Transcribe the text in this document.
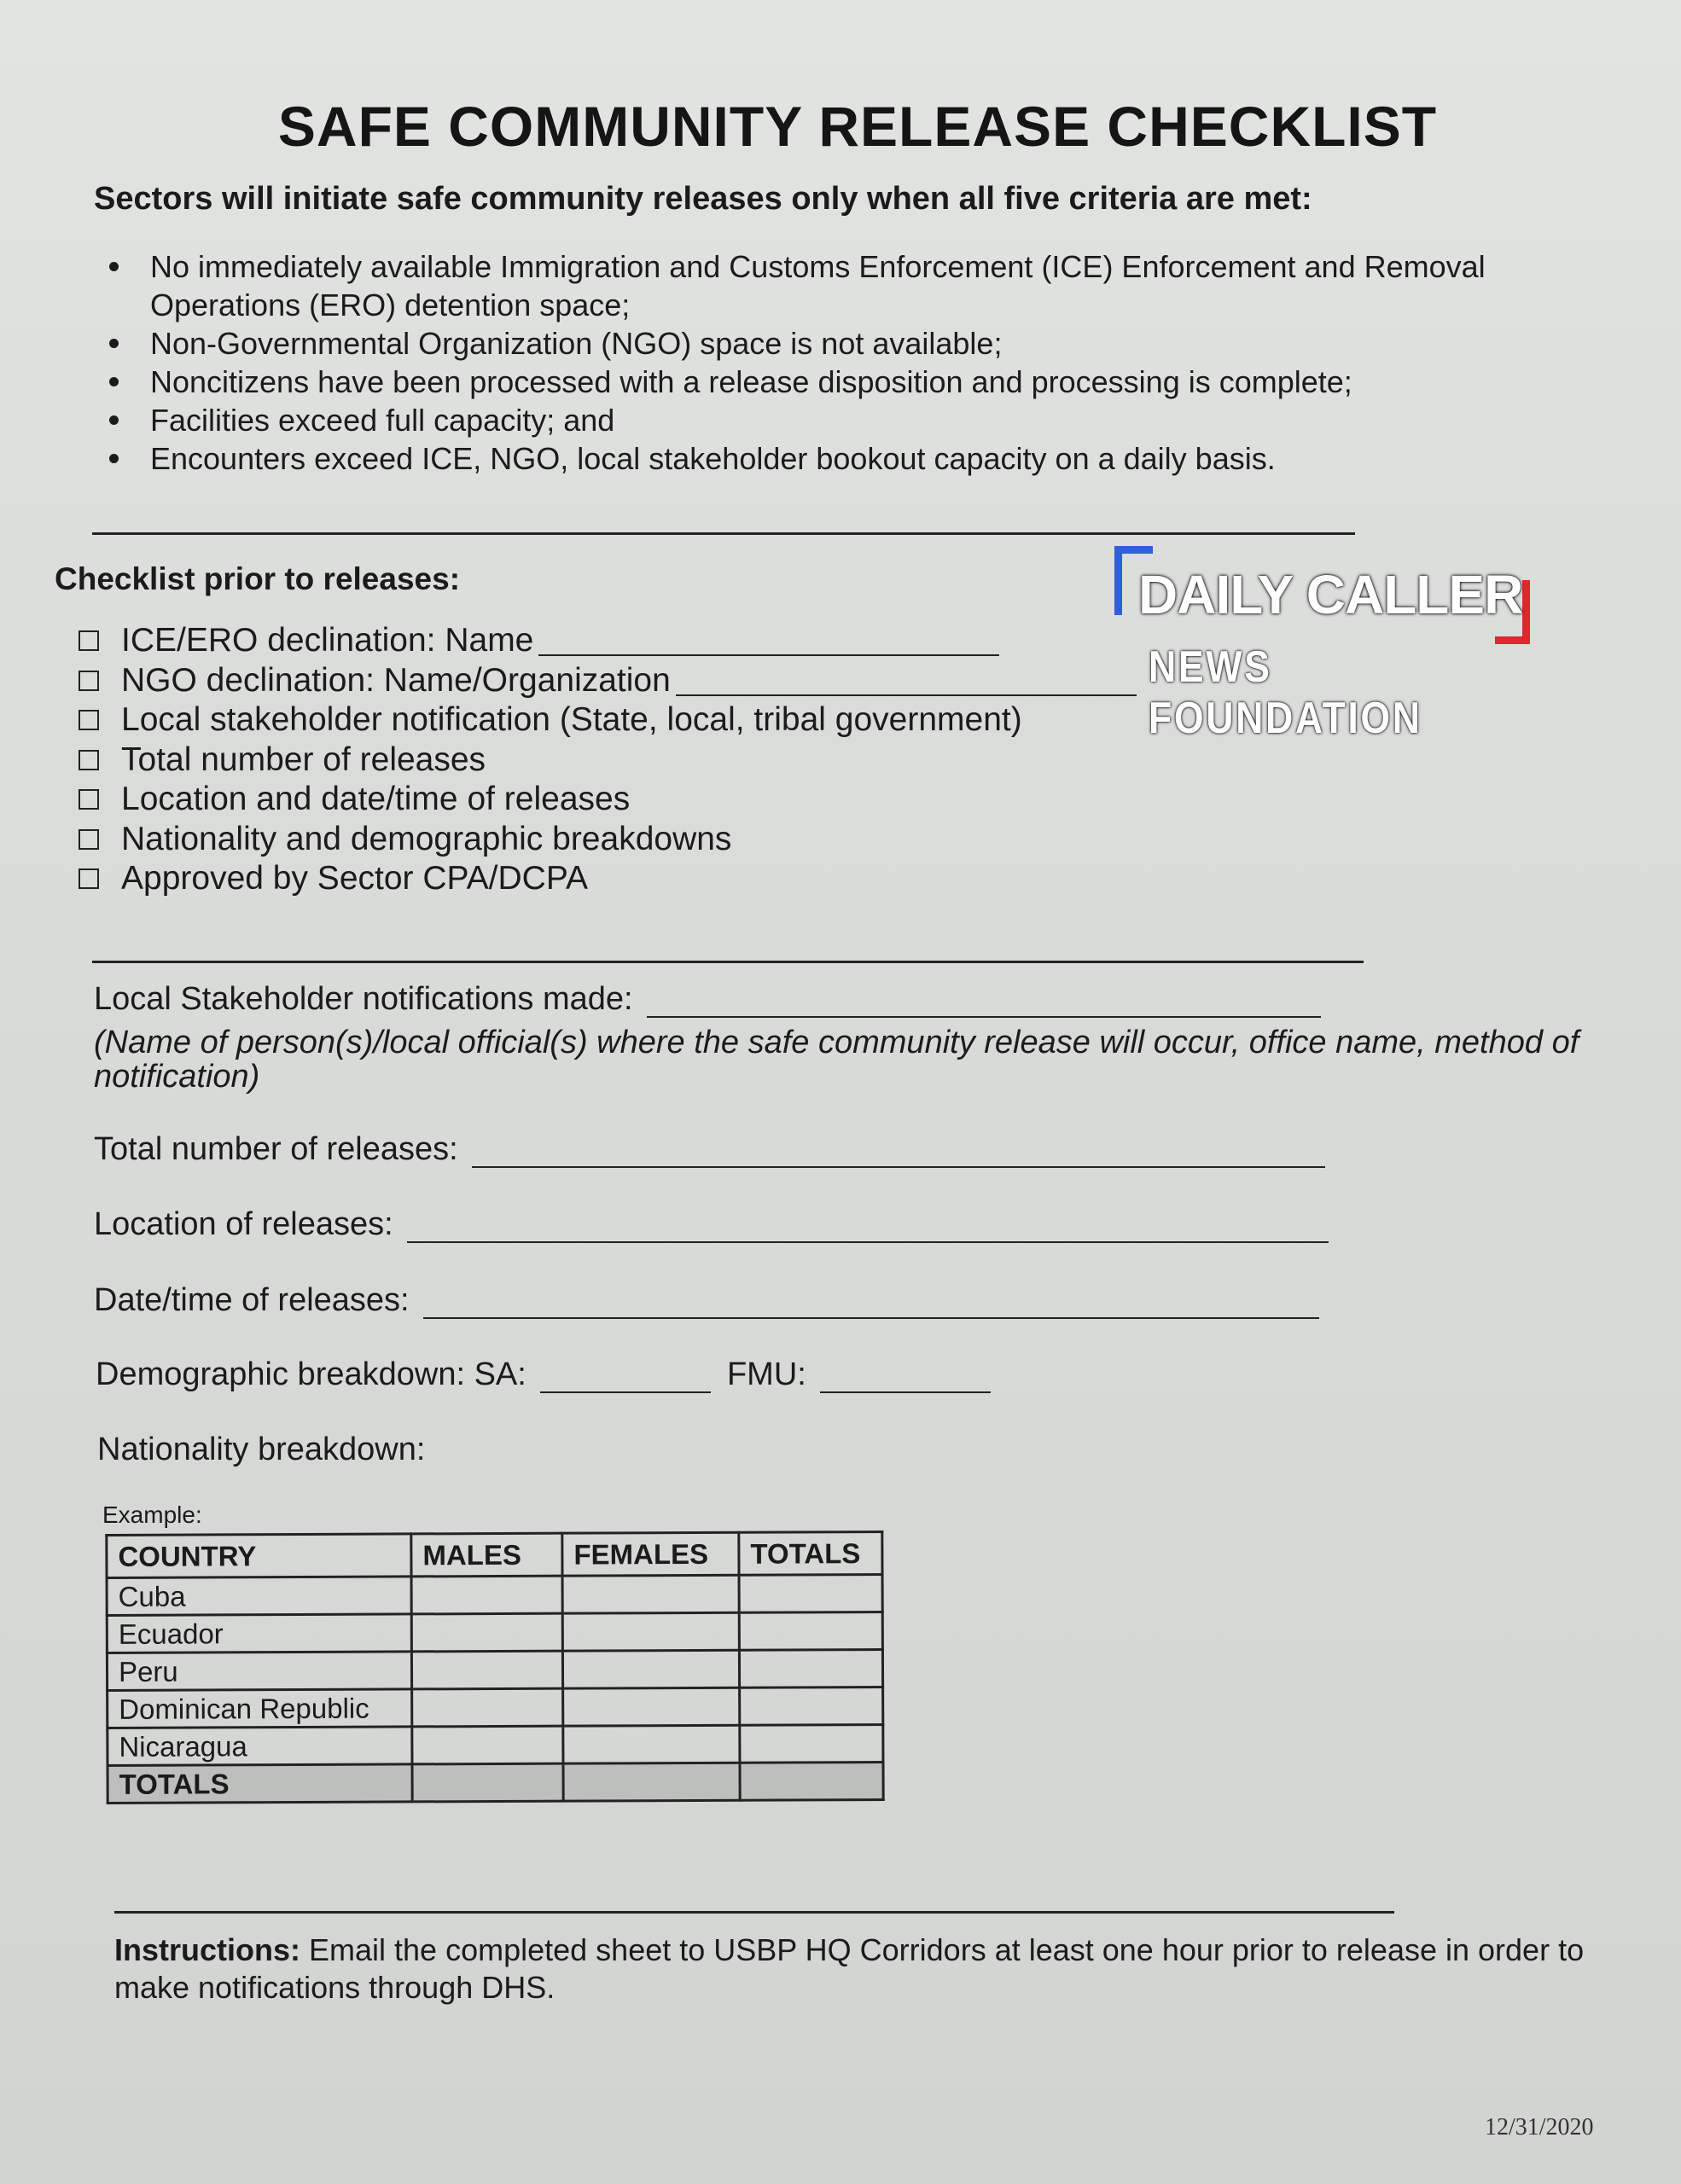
SAFE COMMUNITY RELEASE CHECKLIST
Sectors will initiate safe community releases only when all five criteria are met:
No immediately available Immigration and Customs Enforcement (ICE) Enforcement and Removal Operations (ERO) detention space;
Non-Governmental Organization (NGO) space is not available;
Noncitizens have been processed with a release disposition and processing is complete;
Facilities exceed full capacity; and
Encounters exceed ICE, NGO, local stakeholder bookout capacity on a daily basis.
Checklist prior to releases:
ICE/ERO declination: Name
NGO declination: Name/Organization
Local stakeholder notification (State, local, tribal government)
Total number of releases
Location and date/time of releases
Nationality and demographic breakdowns
Approved by Sector CPA/DCPA
DAILY CALLER
NEWS FOUNDATION
Local Stakeholder notifications made:
(Name of person(s)/local official(s) where the safe community release will occur, office name, method of notification)
Total number of releases:
Location of releases:
Date/time of releases:
Demographic breakdown: SA:	FMU:
Nationality breakdown:
Example:
COUNTRY	MALES	FEMALES	TOTALS
Cuba			
Ecuador			
Peru			
Dominican Republic			
Nicaragua			
TOTALS			
Instructions: Email the completed sheet to USBP HQ Corridors at least one hour prior to release in order to make notifications through DHS.
12/31/2020
